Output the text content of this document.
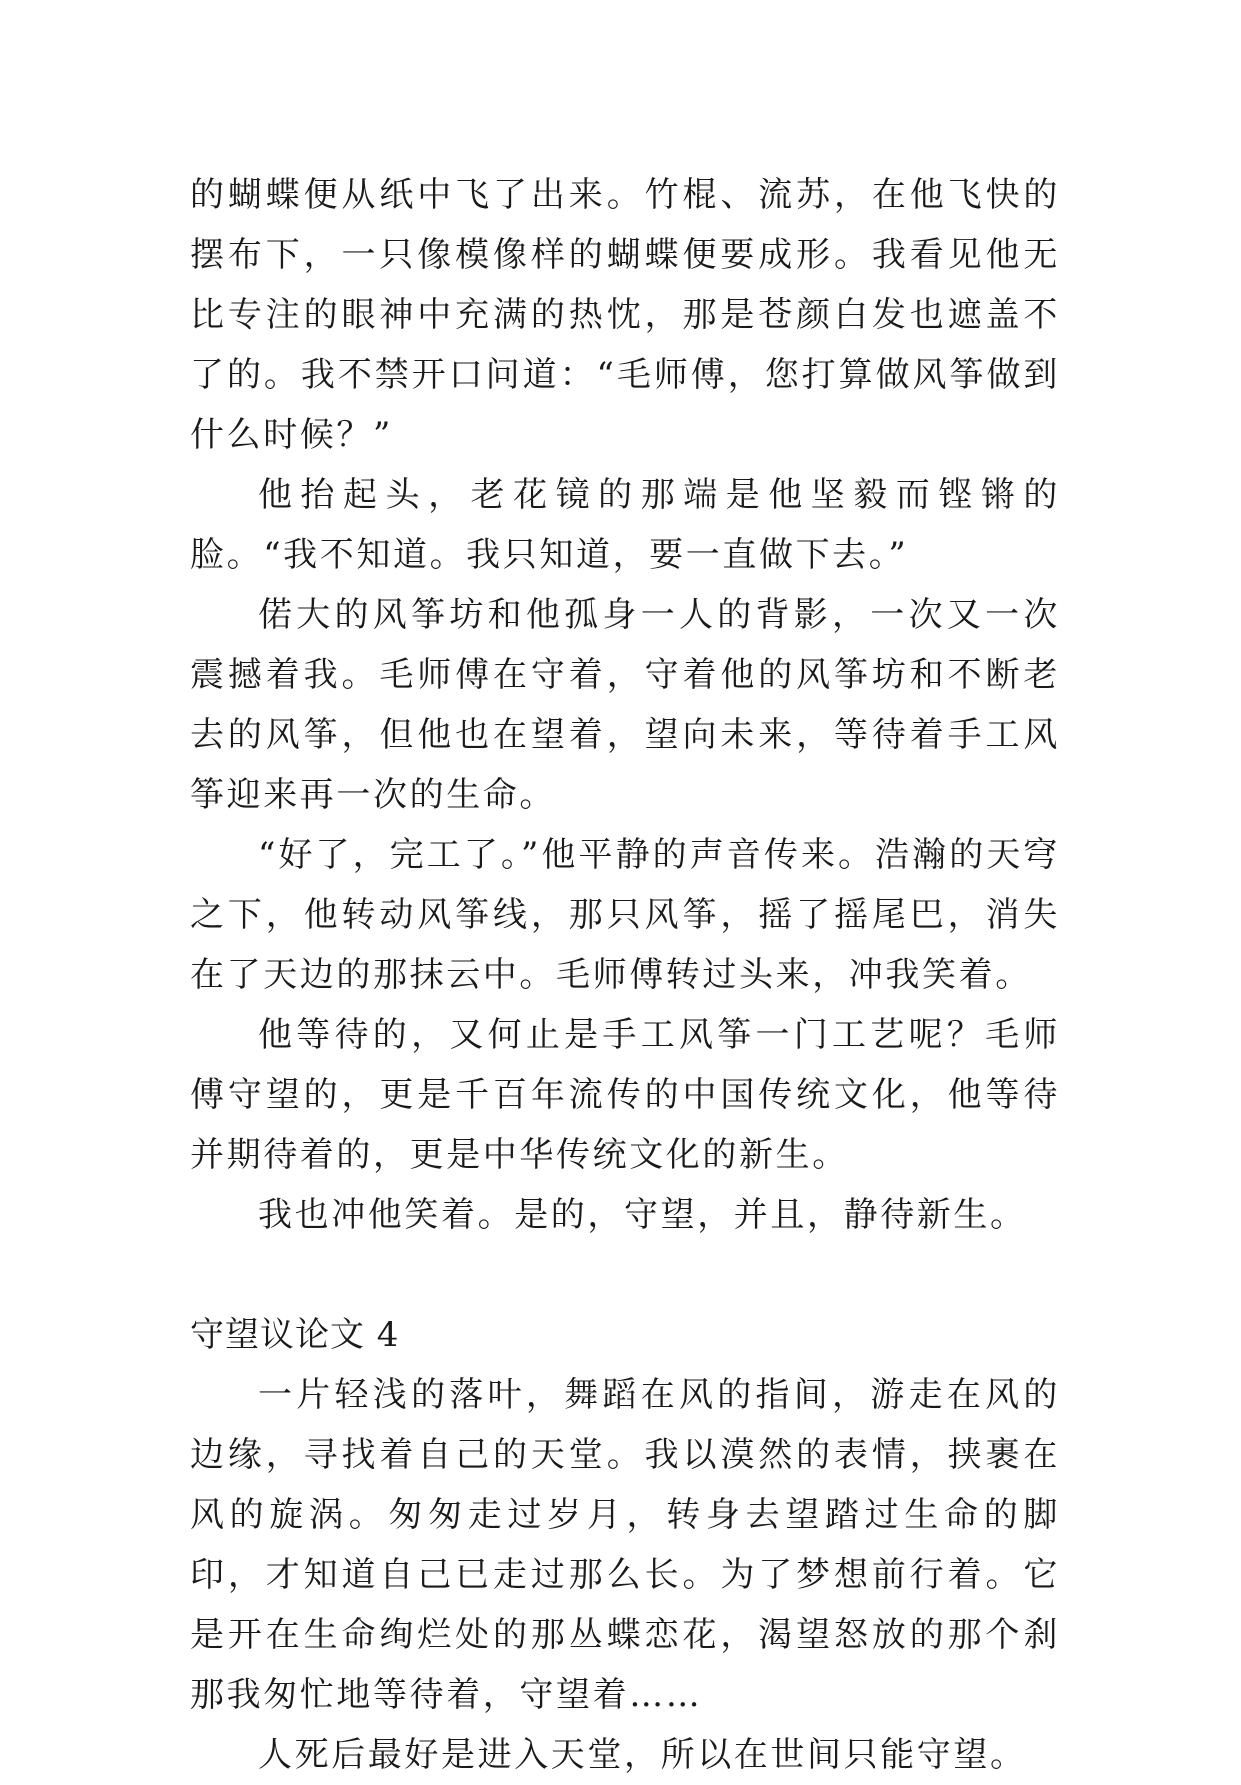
的蝴蝶便从纸中飞了出来。竹棍、流苏，在他飞快的摆布下，一只像模像样的蝴蝶便要成形。我看见他无比专注的眼神中充满的热忱，那是苍颜白发也遮盖不了的。我不禁开口问道：“毛师傅，您打算做风筝做到什么时候？”

他抬起头，老花镜的那端是他坚毅而铿锵的脸。“我不知道。我只知道，要一直做下去。”

偌大的风筝坊和他孤身一人的背影，一次又一次震撼着我。毛师傅在守着，守着他的风筝坊和不断老去的风筝，但他也在望着，望向未来，等待着手工风筝迎来再一次的生命。

“好了，完工了。”他平静的声音传来。浩瀚的天穹之下，他转动风筝线，那只风筝，摇了摇尾巴，消失在了天边的那抹云中。毛师傅转过头来，冲我笑着。

他等待的，又何止是手工风筝一门工艺呢？毛师傅守望的，更是千百年流传的中国传统文化，他等待并期待着的，更是中华传统文化的新生。

我也冲他笑着。是的，守望，并且，静待新生。

守望议论文 4

一片轻浅的落叶，舞蹈在风的指间，游走在风的边缘，寻找着自己的天堂。我以漠然的表情，挟裹在风的旋涡。匆匆走过岁月，转身去望踏过生命的脚印，才知道自己已走过那么长。为了梦想前行着。它是开在生命绚烂处的那丛蝶恋花，渴望怒放的那个刹那我匆忙地等待着，守望着……

人死后最好是进入天堂，所以在世间只能守望。
